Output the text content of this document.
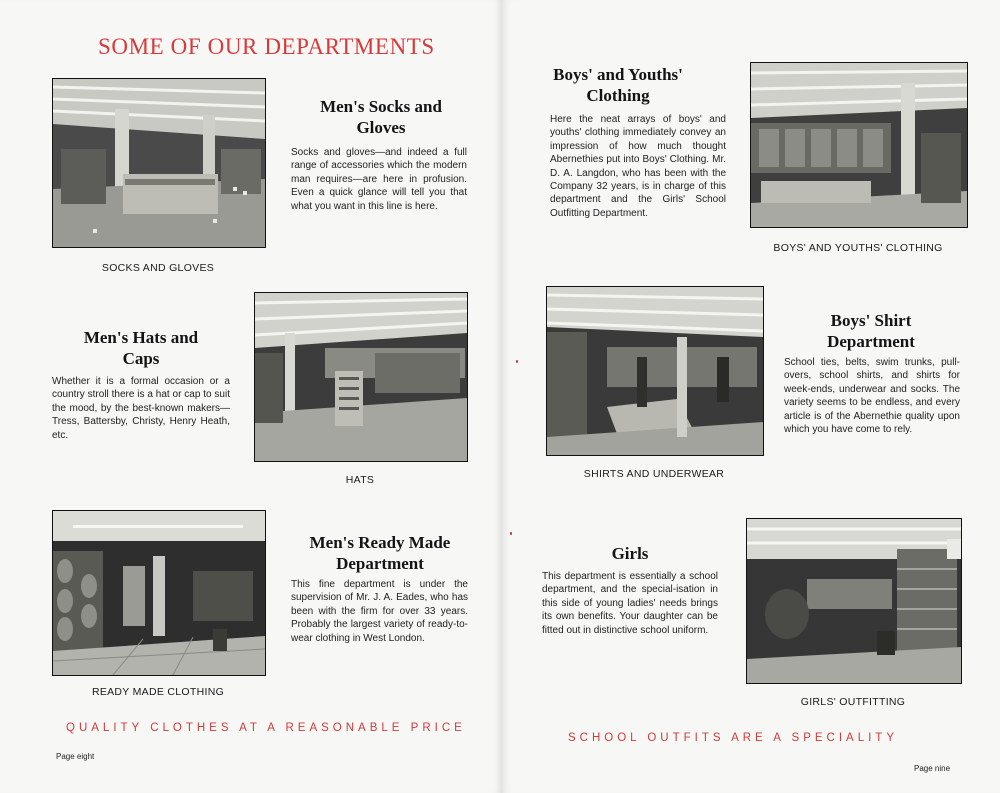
SOME OF OUR DEPARTMENTS
Men's Socks and
Gloves

Socks and gloves—and indeed a full range of accessories which the modern man requires—are here in profusion. Even a quick glance will tell you that what you want in this line is here.

SOCKS AND GLOVES
Men's Hats and
Caps

Whether it is a formal occasion or a country stroll there is a hat or cap to suit the mood, by the best-known makers—Tress, Battersby, Christy, Henry Heath, etc.

HATS
Men's Ready Made
Department

This fine department is under the supervision of Mr. J. A. Eades, who has been with the firm for over 33 years. Probably the largest variety of ready-to-wear clothing in West London.

READY MADE CLOTHING
QUALITY CLOTHES AT A REASONABLE PRICE
Page eight
Boys' and Youths'
Clothing

Here the neat arrays of boys' and youths' clothing immediately convey an impression of how much thought Abernethies put into Boys' Clothing. Mr. D. A. Langdon, who has been with the Company 32 years, is in charge of this department and the Girls' School Outfitting Department.

BOYS' AND YOUTHS' CLOTHING
SHIRTS AND UNDERWEAR
Boys' Shirt
Department

School ties, belts, swim trunks, pull-overs, school shirts, and shirts for week-ends, underwear and socks. The variety seems to be endless, and every article is of the Abernethie quality upon which you have come to rely.

Girls

This department is essentially a school department, and the special-isation in this side of young ladies' needs brings its own benefits. Your daughter can be fitted out in distinctive school uniform.

GIRLS' OUTFITTING
SCHOOL OUTFITS ARE A SPECIALITY
Page nine
